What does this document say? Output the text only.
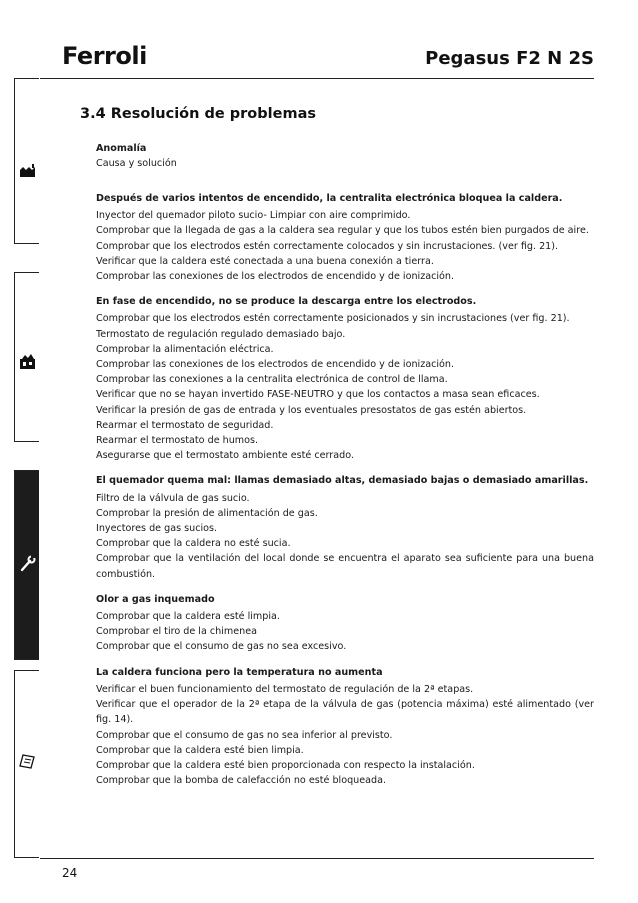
Ferroli	Pegasus F2 N 2S
3.4 Resolución de problemas

Anomalía

Causa y solución

Después de varios intentos de encendido, la centralita electrónica bloquea la caldera.

Inyector del quemador piloto sucio- Limpiar con aire comprimido.

Comprobar que la llegada de gas a la caldera sea regular y que los tubos estén bien purgados de aire.

Comprobar que los electrodos estén correctamente colocados y sin incrustaciones. (ver fig. 21).

Verificar que la caldera esté conectada a una buena conexión a tierra.

Comprobar las conexiones de los electrodos de encendido y de ionización.

En fase de encendido, no se produce la descarga entre los electrodos.

Comprobar que los electrodos estén correctamente posicionados y sin incrustaciones (ver fig. 21).

Termostato de regulación regulado demasiado bajo.

Comprobar la alimentación eléctrica.

Comprobar las conexiones de los electrodos de encendido y de ionización.

Comprobar las conexiones a la centralita electrónica de control de llama.

Verificar que no se hayan invertido FASE-NEUTRO y que los contactos a masa sean eficaces.

Verificar la presión de gas de entrada y los eventuales presostatos de gas estén abiertos.

Rearmar el termostato de seguridad.

Rearmar el termostato de humos.

Asegurarse que el termostato ambiente esté cerrado.

El quemador quema mal: llamas demasiado altas, demasiado bajas o demasiado amarillas.

Filtro de la válvula de gas sucio.

Comprobar la presión de alimentación de gas.

Inyectores de gas sucios.

Comprobar que la caldera no esté sucia.

Comprobar que la ventilación del local donde se encuentra el aparato sea suficiente para una buena combustión.

Olor a gas inquemado

Comprobar que la caldera esté limpia.

Comprobar el tiro de la chimenea

Comprobar que el consumo de gas no sea excesivo.

La caldera funciona pero la temperatura no aumenta

Verificar el buen funcionamiento del termostato de regulación de la 2ª etapas.

Verificar que el operador de la 2ª etapa de la válvula de gas (potencia máxima) esté alimentado (ver fig. 14).

Comprobar que el consumo de gas no sea inferior al previsto.

Comprobar que la caldera esté bien limpia.

Comprobar que la caldera esté bien proporcionada con respecto la instalación.

Comprobar que la bomba de calefacción no esté bloqueada.

24
